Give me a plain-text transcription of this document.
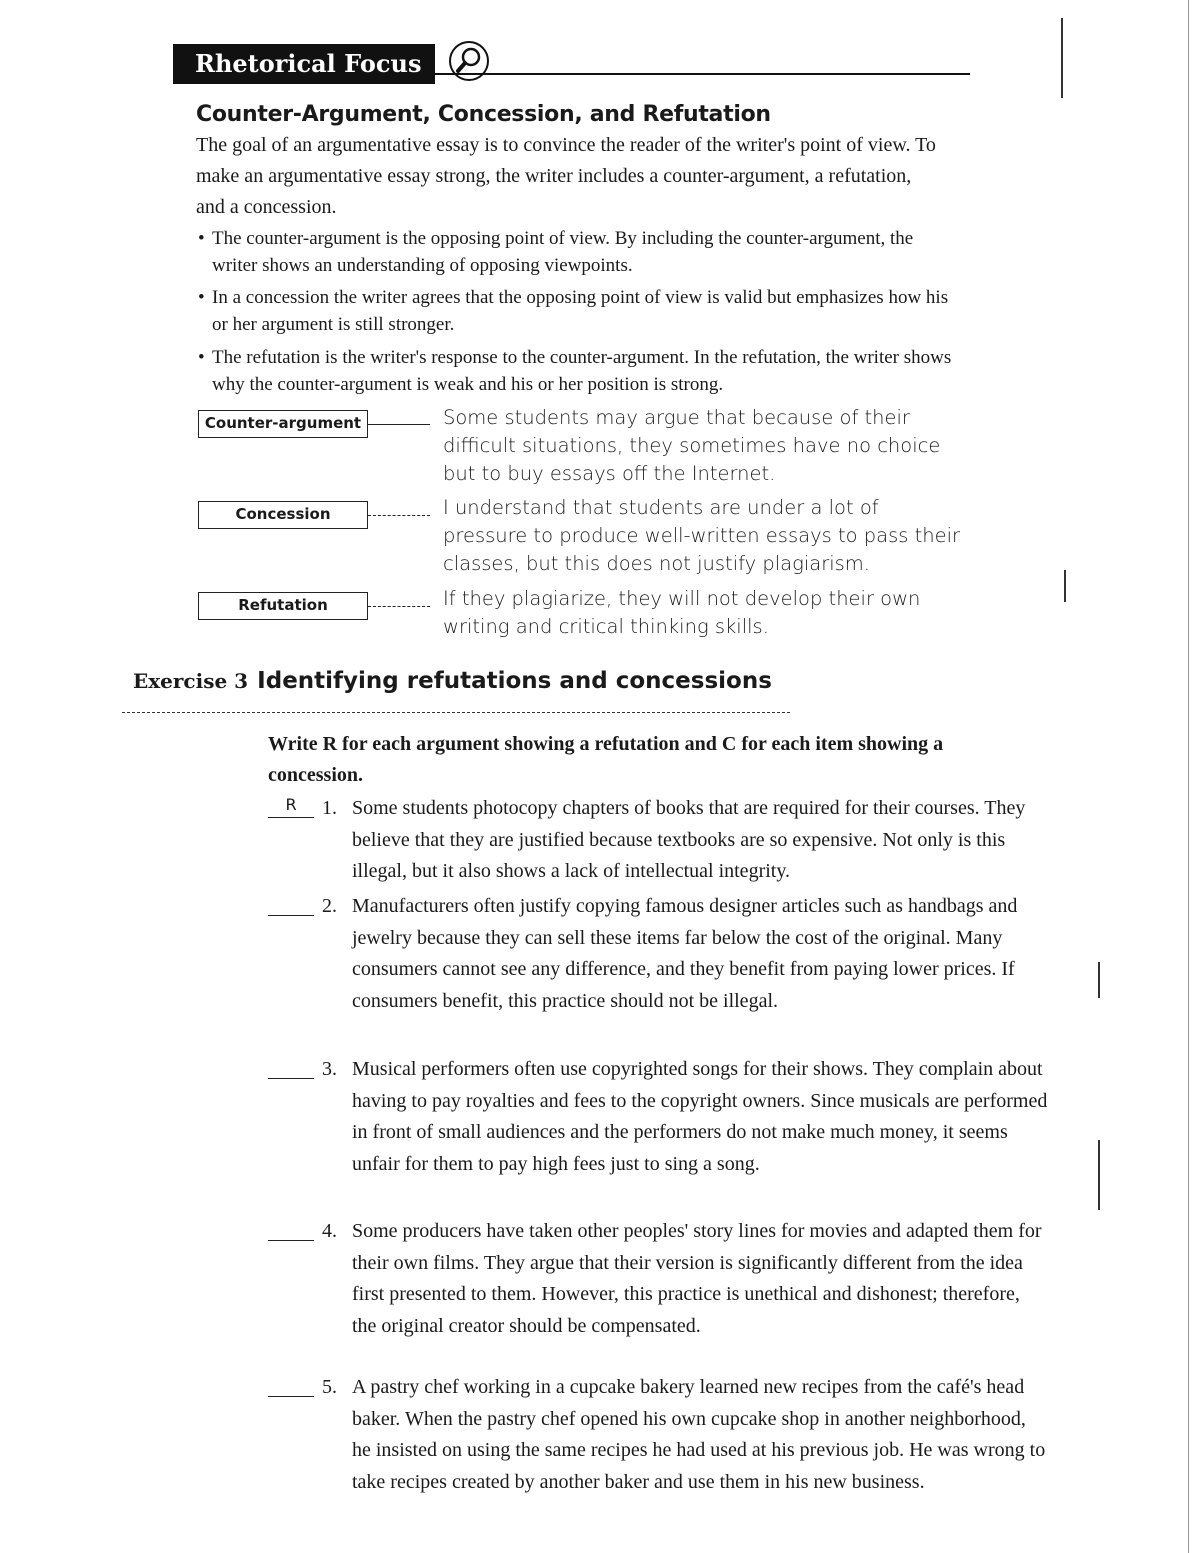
Rhetorical Focus
Counter-Argument, Concession, and Refutation
The goal of an argumentative essay is to convince the reader of the writer's point of view. To make an argumentative essay strong, the writer includes a counter-argument, a refutation, and a concession.
• The counter-argument is the opposing point of view. By including the counter-argument, the writer shows an understanding of opposing viewpoints.
• In a concession the writer agrees that the opposing point of view is valid but emphasizes how his or her argument is still stronger.
• The refutation is the writer's response to the counter-argument. In the refutation, the writer shows why the counter-argument is weak and his or her position is strong.
Counter-argument	Some students may argue that because of their difficult situations, they sometimes have no choice but to buy essays off the Internet.
Concession	I understand that students are under a lot of pressure to produce well-written essays to pass their classes, but this does not justify plagiarism.
Refutation	If they plagiarize, they will not develop their own writing and critical thinking skills.
Exercise 3 Identifying refutations and concessions
Write R for each argument showing a refutation and C for each item showing a concession.
R	1. Some students photocopy chapters of books that are required for their courses. They believe that they are justified because textbooks are so expensive. Not only is this illegal, but it also shows a lack of intellectual integrity.
2. Manufacturers often justify copying famous designer articles such as handbags and jewelry because they can sell these items far below the cost of the original. Many consumers cannot see any difference, and they benefit from paying lower prices. If consumers benefit, this practice should not be illegal.
3. Musical performers often use copyrighted songs for their shows. They complain about having to pay royalties and fees to the copyright owners. Since musicals are performed in front of small audiences and the performers do not make much money, it seems unfair for them to pay high fees just to sing a song.
4. Some producers have taken other peoples' story lines for movies and adapted them for their own films. They argue that their version is significantly different from the idea first presented to them. However, this practice is unethical and dishonest; therefore, the original creator should be compensated.
5. A pastry chef working in a cupcake bakery learned new recipes from the café's head baker. When the pastry chef opened his own cupcake shop in another neighborhood, he insisted on using the same recipes he had used at his previous job. He was wrong to take recipes created by another baker and use them in his new business.
